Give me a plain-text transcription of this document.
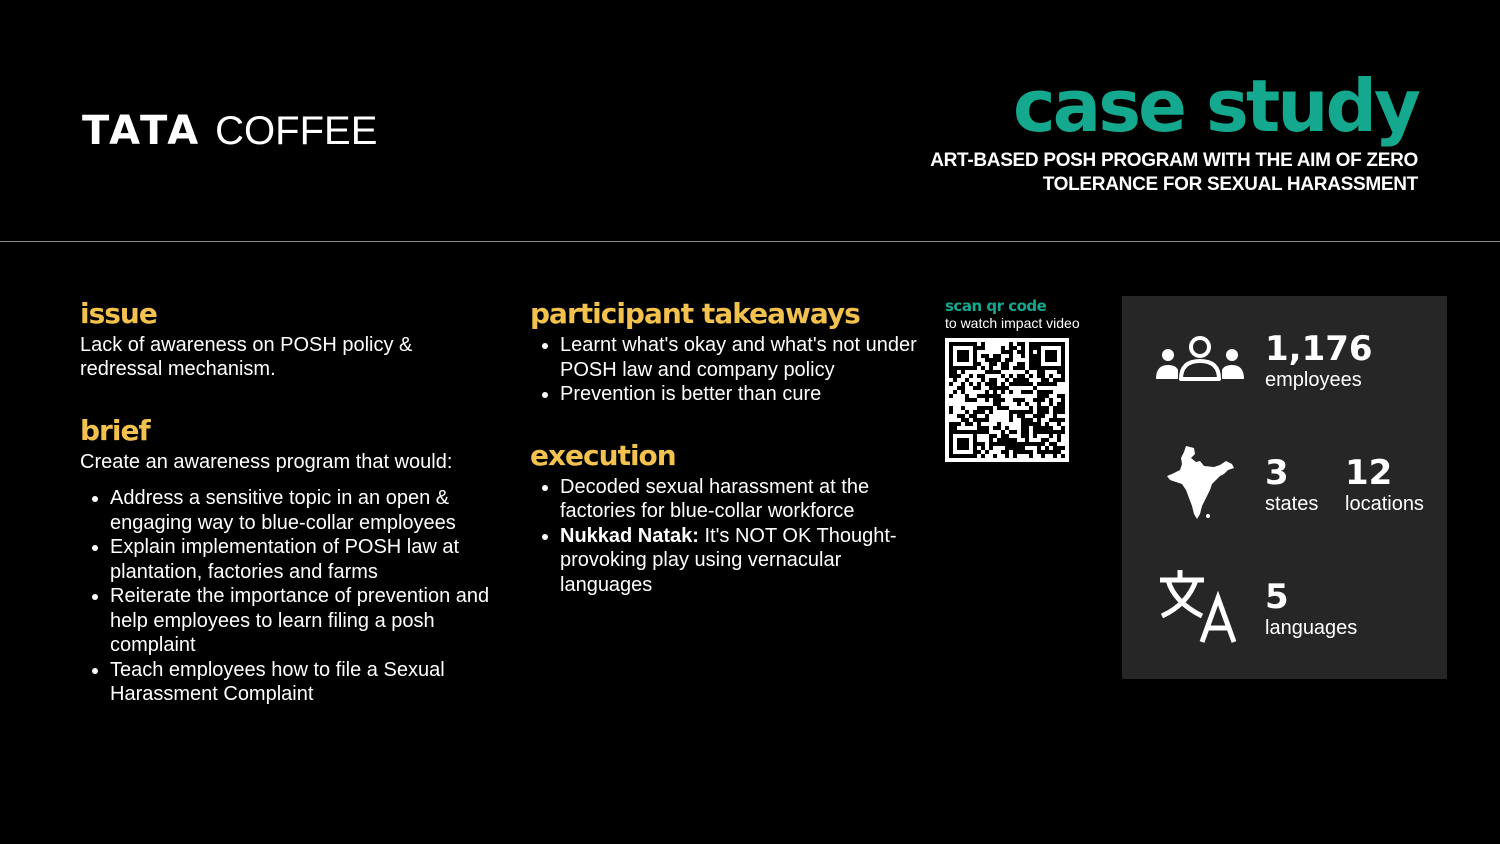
TATA COFFEE	case study
ART-BASED POSH PROGRAM WITH THE AIM OF ZERO TOLERANCE FOR SEXUAL HARASSMENT
issue

Lack of awareness on POSH policy & redressal mechanism.

brief

Create an awareness program that would:

• Address a sensitive topic in an open & engaging way to blue-collar employees
• Explain implementation of POSH law at plantation, factories and farms
• Reiterate the importance of prevention and help employees to learn filing a posh complaint
• Teach employees how to file a Sexual Harassment Complaint
participant takeaways
• Learnt what's okay and what's not under POSH law and company policy
• Prevention is better than cure
execution
• Decoded sexual harassment at the factories for blue-collar workforce
• Nukkad Natak: It's NOT OK Thought-provoking play using vernacular languages
scan qr code
to watch impact video
1,176
employees
3
states
12
locations
5
languages
